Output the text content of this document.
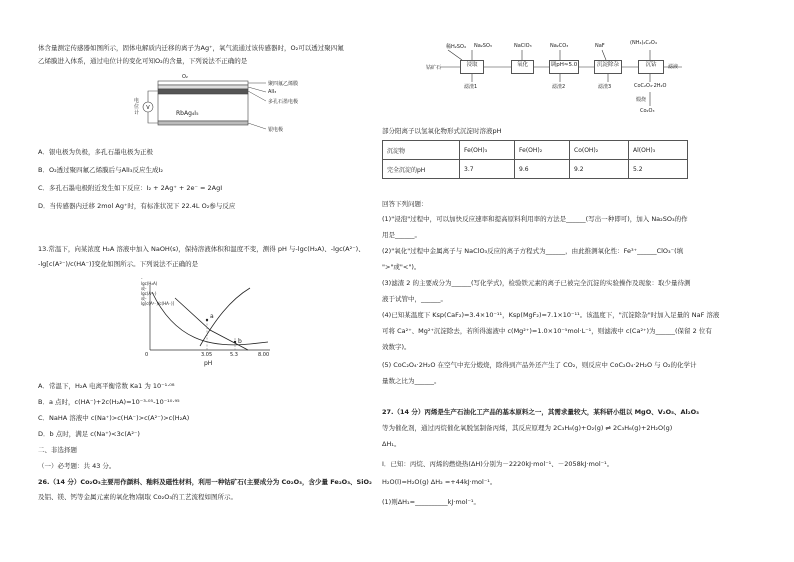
体含量测定传感器如图所示，固体电解质内迁移的离子为Ag⁺，氧气流通过该传感器时，O₂可以透过聚四氟
乙烯膜进入体系，通过电位计的变化可知O₂的含量，下列说法不正确的是
V
O₂
聚四氟乙烯膜
AlI₃
多孔石墨电极
RbAg₄I₅
银电极
电位计
A．银电极为负极，多孔石墨电极为正极
B．O₂透过聚四氟乙烯膜后与AlI₃反应生成I₂
C．多孔石墨电极附近发生如下反应：I₂ + 2Ag⁺ + 2e⁻ = 2AgI
D．当传感器内迁移 2mol Ag⁺时，有标准状况下 22.4L O₂参与反应
13.常温下，向某浓度 H₂A 溶液中加入 NaOH(s)，保持溶液体积和温度不变，测得 pH 与-lgc(H₂A)、-lgc(A²⁻)、
-lg[c(A²⁻)/c(HA⁻)]变化如图所示。下列说法不正确的是
-lgc(H₂A)或-lgc(A²⁻)或-lg[c(A²⁻)/c(HA⁻)]
0	3.05	5.3	8.00
pH
a
b
A．常温下，H₂A 电离平衡常数 Ka1 为 10⁻¹·⁰⁸
B．a 点时，c(HA⁻)+2c(H₂A)=10⁻³·⁰⁵-10⁻¹⁰·⁹⁵
C．NaHA 溶液中 c(Na⁺)>c(HA⁻)>c(A²⁻)>c(H₂A)
D．b 点时，满足 c(Na⁺)<3c(A²⁻)
二、非选择题
（一）必考题：共 43 分。
26.（14 分）Co₂O₃主要用作颜料、釉料及磁性材料，利用一种钴矿石(主要成分为 Co₂O₃，含少量 Fe₂O₃、SiO₂
及铝、镁、钙等金属元素的氧化物)制取 Co₂O₃的工艺流程如图所示。
稀H₂SO₄ Na₂SO₃	NaClO₃	Na₂CO₃	NaF	(NH₄)₂C₂O₄
钴矿石	浸取	氧化	调pH≈5.0	沉淀除杂	沉钴
滤渣1	滤渣2	滤渣3
滤液
CoC₂O₄·2H₂O
煅烧
Co₂O₃
部分阳离子以氢氧化物形式沉淀时溶液pH
沉淀物	Fe(OH)₃	Fe(OH)₂	Co(OH)₂	Al(OH)₃
完全沉淀的pH	3.7	9.6	9.2	5.2
回答下列问题：
(1)"浸泡"过程中，可以加快反应速率和提高原料利用率的方法是______(写出一种即可)，加入 Na₂SO₃的作
用是______。
(2)"氧化"过程中金属离子与 NaClO₃反应的离子方程式为______，由此推测氧化性：Fe³⁺______ClO₃⁻(填
">"或"<")。
(3)滤渣 2 的主要成分为______(写化学式)，检验铁元素的离子已被完全沉淀的实验操作及现象：取少量待测
液于试管中，______。
(4)已知某温度下 Ksp(CaF₂)=3.4×10⁻¹¹，Ksp(MgF₂)=7.1×10⁻¹¹。该温度下，"沉淀除杂"时加入足量的 NaF 溶液
可将 Ca²⁺、Mg²⁺沉淀除去，若所得滤液中 c(Mg²⁺)=1.0×10⁻⁵mol·L⁻¹，则滤液中 c(Ca²⁺)为______(保留 2 位有
效数字)。
(5) CoC₂O₄·2H₂O 在空气中充分煅烧，除得到产品外还产生了 CO₂，则反应中 CoC₂O₄·2H₂O 与 O₂的化学计
量数之比为______。
27.（14 分）丙烯是生产石油化工产品的基本原料之一，其需求量较大，某科研小组以 MgO、V₂O₅、Al₂O₃
等为催化剂，通过丙烷催化氧脱氢制备丙烯，其反应原理为 2C₃H₈(g)+O₂(g) ⇌ 2C₃H₆(g)+2H₂O(g)
ΔH₁。
Ⅰ．已知：丙烷、丙烯的燃烧热(ΔH)分别为－2220kJ·mol⁻¹、－2058kJ·mol⁻¹。
H₂O(l)=H₂O(g) ΔH₂ =+44kJ·mol⁻¹。
(1)则ΔH₁=__________kJ·mol⁻¹。
